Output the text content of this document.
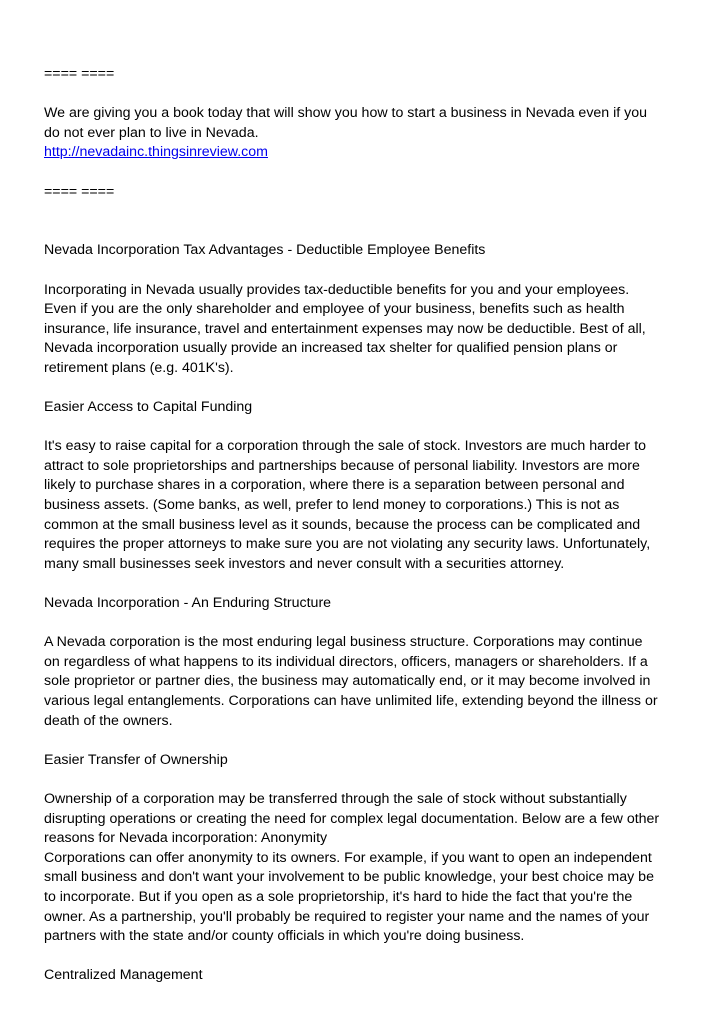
==== ====
We are giving you a book today that will show you how to start a business in Nevada even if you
do not ever plan to live in Nevada.
http://nevadainc.thingsinreview.com
==== ====
Nevada Incorporation Tax Advantages - Deductible Employee Benefits
Incorporating in Nevada usually provides tax-deductible benefits for you and your employees.
Even if you are the only shareholder and employee of your business, benefits such as health
insurance, life insurance, travel and entertainment expenses may now be deductible. Best of all,
Nevada incorporation usually provide an increased tax shelter for qualified pension plans or
retirement plans (e.g. 401K's).
Easier Access to Capital Funding
It's easy to raise capital for a corporation through the sale of stock. Investors are much harder to
attract to sole proprietorships and partnerships because of personal liability. Investors are more
likely to purchase shares in a corporation, where there is a separation between personal and
business assets. (Some banks, as well, prefer to lend money to corporations.) This is not as
common at the small business level as it sounds, because the process can be complicated and
requires the proper attorneys to make sure you are not violating any security laws. Unfortunately,
many small businesses seek investors and never consult with a securities attorney.
Nevada Incorporation - An Enduring Structure
A Nevada corporation is the most enduring legal business structure. Corporations may continue
on regardless of what happens to its individual directors, officers, managers or shareholders. If a
sole proprietor or partner dies, the business may automatically end, or it may become involved in
various legal entanglements. Corporations can have unlimited life, extending beyond the illness or
death of the owners.
Easier Transfer of Ownership
Ownership of a corporation may be transferred through the sale of stock without substantially
disrupting operations or creating the need for complex legal documentation. Below are a few other
reasons for Nevada incorporation: Anonymity
Corporations can offer anonymity to its owners. For example, if you want to open an independent
small business and don't want your involvement to be public knowledge, your best choice may be
to incorporate. But if you open as a sole proprietorship, it's hard to hide the fact that you're the
owner. As a partnership, you'll probably be required to register your name and the names of your
partners with the state and/or county officials in which you're doing business.
Centralized Management
